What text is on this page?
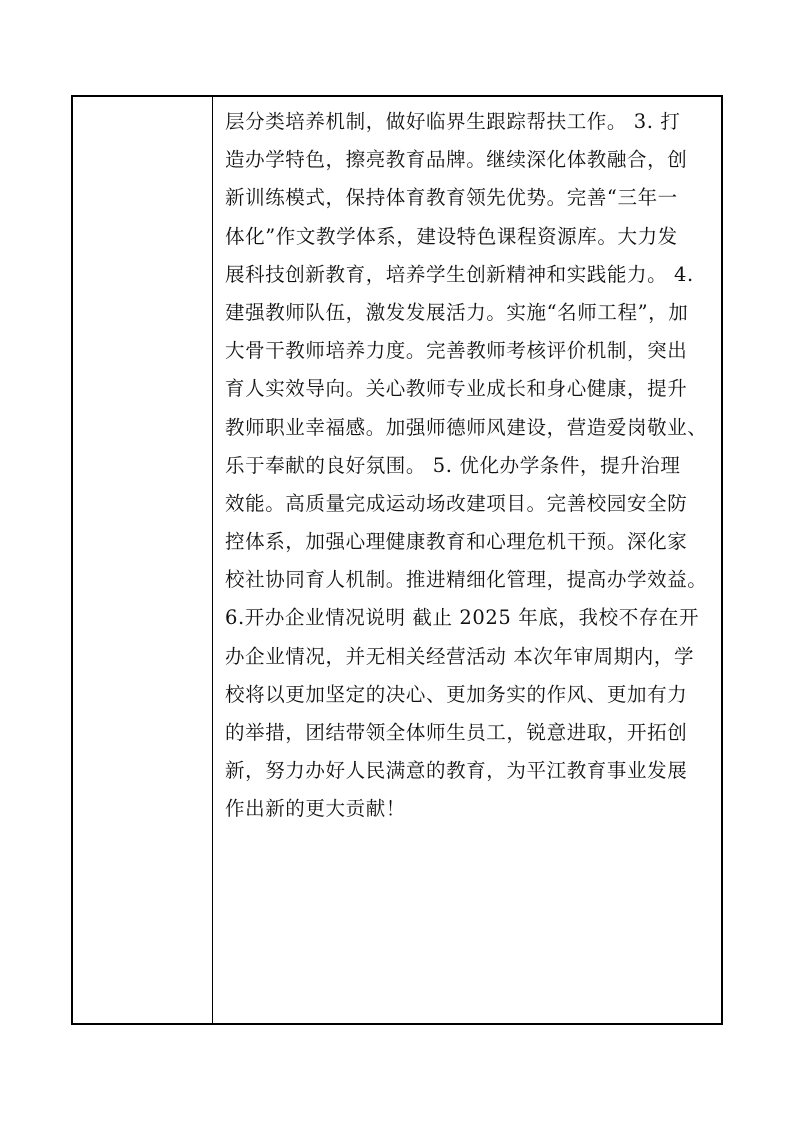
层分类培养机制，做好临界生跟踪帮扶工作。 3. 打
造办学特色，擦亮教育品牌。继续深化体教融合，创
新训练模式，保持体育教育领先优势。完善“三年一
体化”作文教学体系，建设特色课程资源库。大力发
展科技创新教育，培养学生创新精神和实践能力。 4.
建强教师队伍，激发发展活力。实施“名师工程”，加
大骨干教师培养力度。完善教师考核评价机制，突出
育人实效导向。关心教师专业成长和身心健康，提升
教师职业幸福感。加强师德师风建设，营造爱岗敬业、
乐于奉献的良好氛围。 5. 优化办学条件，提升治理
效能。高质量完成运动场改建项目。完善校园安全防
控体系，加强心理健康教育和心理危机干预。深化家
校社协同育人机制。推进精细化管理，提高办学效益。
6.开办企业情况说明 截止 2025 年底，我校不存在开
办企业情况，并无相关经营活动 本次年审周期内，学
校将以更加坚定的决心、更加务实的作风、更加有力
的举措，团结带领全体师生员工，锐意进取，开拓创
新，努力办好人民满意的教育，为平江教育事业发展
作出新的更大贡献！
